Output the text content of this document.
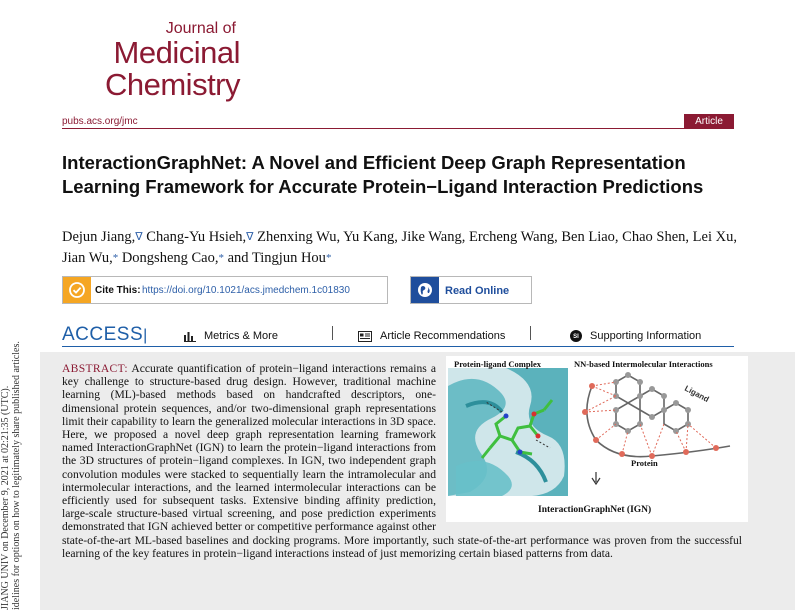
JIANG UNIV on December 9, 2021 at 02:21:35 (UTC). idelines for options on how to legitimately share published articles.
Journal of
Medicinal
Chemistry
pubs.acs.org/jmc	Article
InteractionGraphNet: A Novel and Efficient Deep Graph Representation Learning Framework for Accurate Protein−Ligand Interaction Predictions
Dejun Jiang,∇ Chang-Yu Hsieh,∇ Zhenxing Wu, Yu Kang, Jike Wang, Ercheng Wang, Ben Liao, Chao Shen, Lei Xu, Jian Wu,* Dongsheng Cao,* and Tingjun Hou*
Cite This: https://doi.org/10.1021/acs.jmedchem.1c01830	Read Online
ACCESS|	Metrics & More	Article Recommendations	SI Supporting Information
Ligand
Protein-ligand Complex	NN-based Intermolecular Interactions
Protein
InteractionGraphNet (IGN)
ABSTRACT: Accurate quantification of protein−ligand interactions remains a key challenge to structure-based drug design. However, traditional machine learning (ML)-based methods based on handcrafted descriptors, one-dimensional protein sequences, and/or two-dimensional graph representations limit their capability to learn the generalized molecular interactions in 3D space. Here, we proposed a novel deep graph representation learning framework named InteractionGraphNet (IGN) to learn the protein−ligand interactions from the 3D structures of protein−ligand complexes. In IGN, two independent graph convolution modules were stacked to sequentially learn the intramolecular and intermolecular interactions, and the learned intermolecular interactions can be efficiently used for subsequent tasks. Extensive binding affinity prediction, large-scale structure-based virtual screening, and pose prediction experiments demonstrated that IGN achieved better or competitive performance against other state-of-the-art ML-based baselines and docking programs. More importantly, such state-of-the-art performance was proven from the successful learning of the key features in protein−ligand interactions instead of just memorizing certain biased patterns from data.
